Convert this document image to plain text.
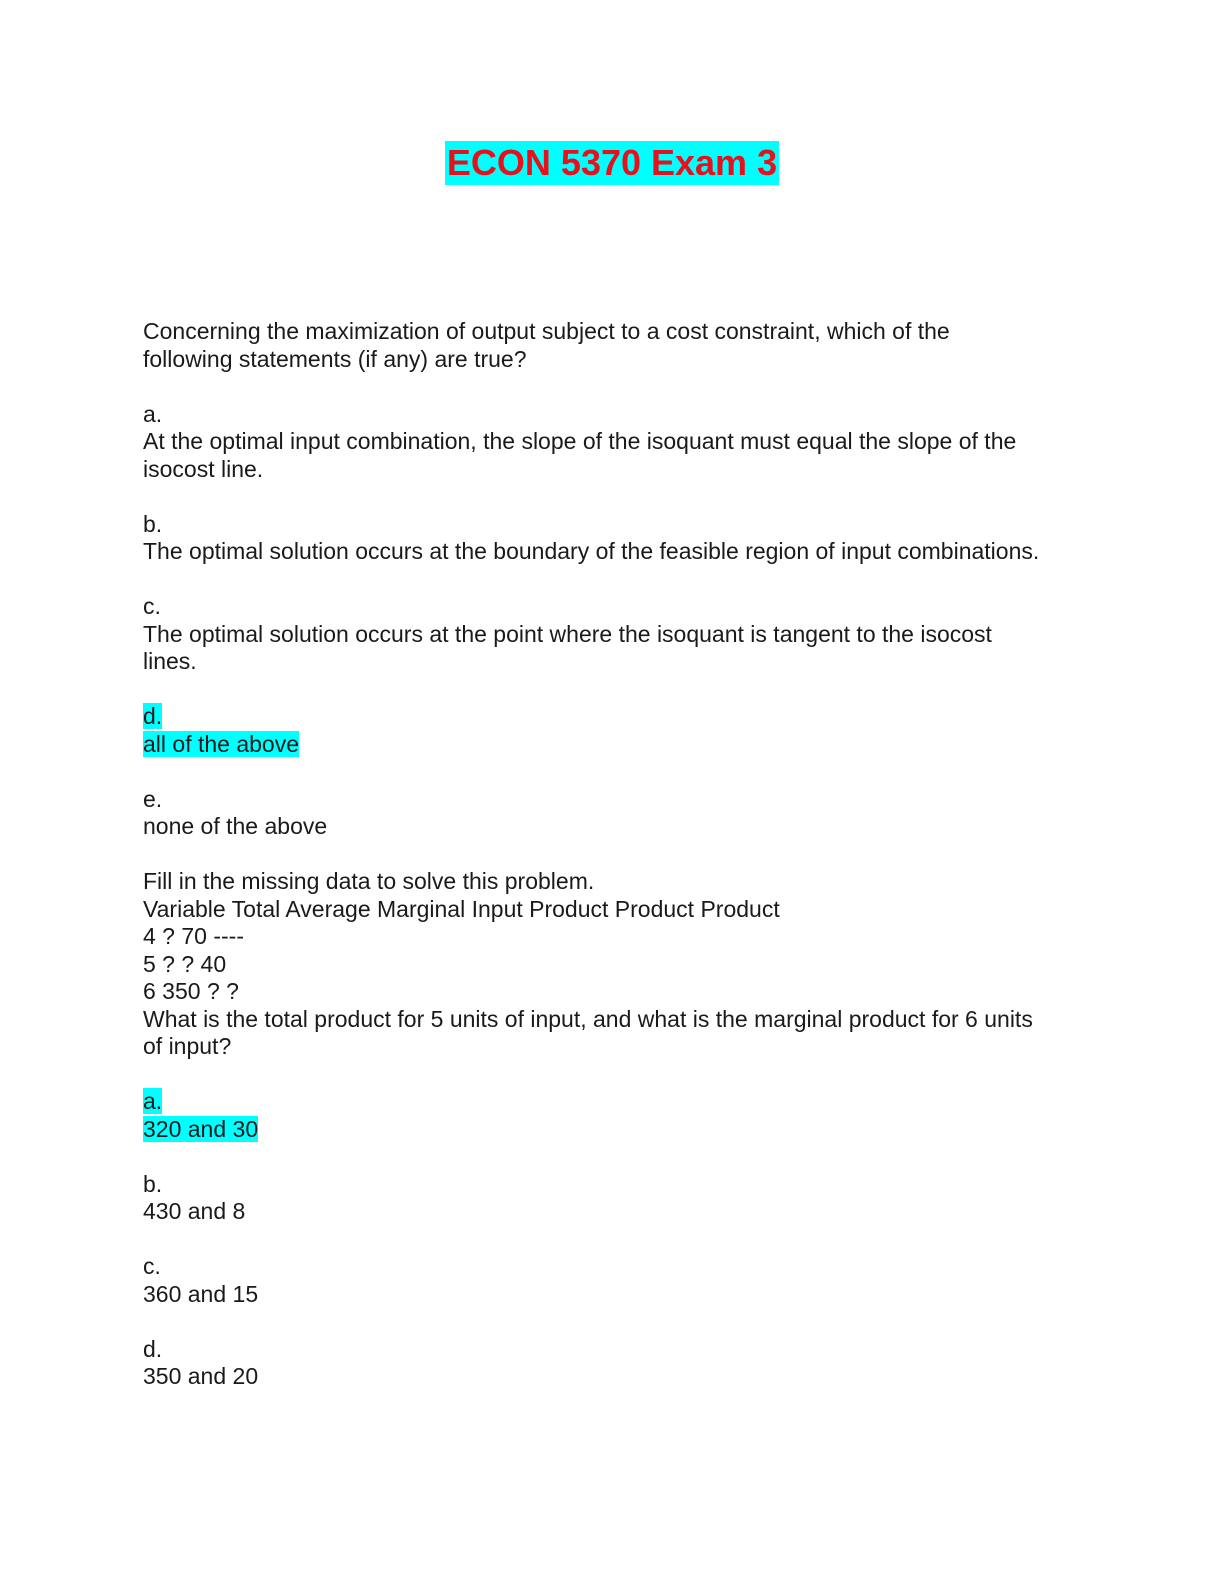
ECON 5370 Exam 3
Concerning the maximization of output subject to a cost constraint, which of the
following statements (if any) are true?
a.
At the optimal input combination, the slope of the isoquant must equal the slope of the
isocost line.
b.
The optimal solution occurs at the boundary of the feasible region of input combinations.
c.
The optimal solution occurs at the point where the isoquant is tangent to the isocost
lines.
d.
all of the above
e.
none of the above
Fill in the missing data to solve this problem.
Variable Total Average Marginal Input Product Product Product
4 ? 70 ----
5 ? ? 40
6 350 ? ?
What is the total product for 5 units of input, and what is the marginal product for 6 units
of input?
a.
320 and 30
b.
430 and 8
c.
360 and 15
d.
350 and 20
